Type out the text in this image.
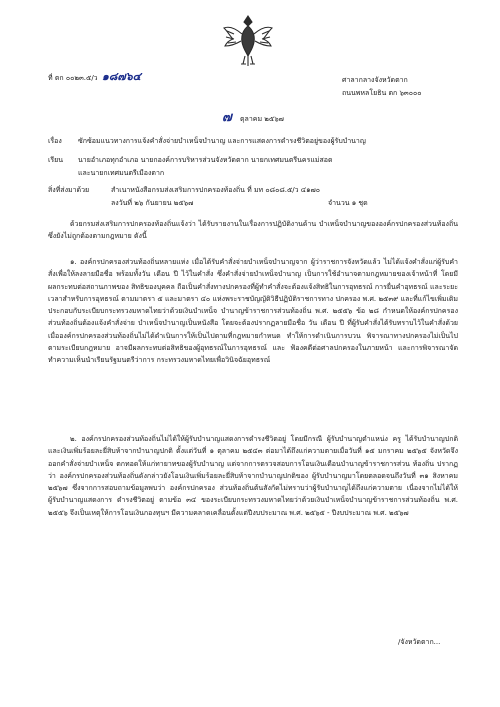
ที่ ตก ๐๐๒๓.๕/ว ๑๘๗๖๔	ศาลากลางจังหวัดตาก
ถนนพหลโยธิน ตก ๖๓๐๐๐
๗ ตุลาคม ๒๕๖๗
เรื่อง ซักซ้อมแนวทางการแจ้งคำสั่งจ่ายบำเหน็จบำนาญ และการแสดงการดำรงชีวิตอยู่ของผู้รับบำนาญ
เรียน นายอำเภอทุกอำเภอ นายกองค์การบริหารส่วนจังหวัดตาก นายกเทศมนตรีนครแม่สอด
และนายกเทศมนตรีเมืองตาก
สิ่งที่ส่งมาด้วย	สำเนาหนังสือกรมส่งเสริมการปกครองท้องถิ่น ที่ มท ๐๘๐๘.๕/ว ๔๑๗๐
ลงวันที่ ๒๖ กันยายน ๒๕๖๗	จำนวน ๑ ชุด

ด้วยกรมส่งเสริมการปกครองท้องถิ่นแจ้งว่า ได้รับรายงานในเรื่องการปฏิบัติงานด้าน บำเหน็จบำนาญขององค์กรปกครองส่วนท้องถิ่น ซึ่งยังไม่ถูกต้องตามกฎหมาย ดังนี้

๑. องค์กรปกครองส่วนท้องถิ่นหลายแห่ง เมื่อได้รับคำสั่งจ่ายบำเหน็จบำนาญจาก ผู้ว่าราชการจังหวัดแล้ว ไม่ได้แจ้งคำสั่งแก่ผู้รับคำสั่งเพื่อให้ลงลายมือชื่อ พร้อมทั้งวัน เดือน ปี ไว้ในคำสั่ง ซึ่งคำสั่งจ่ายบำเหน็จบำนาญ เป็นการใช้อำนาจตามกฎหมายของเจ้าหน้าที่ โดยมีผลกระทบต่อสถานภาพของ สิทธิของบุคคล ถือเป็นคำสั่งทางปกครองที่ผู้ทำคำสั่งจะต้องแจ้งสิทธิในการอุทธรณ์ การยื่นคำอุทธรณ์ และระยะเวลาสำหรับการอุทธรณ์ ตามมาตรา ๕ และมาตรา ๔๐ แห่งพระราชบัญญัติวิธีปฏิบัติราชการทาง ปกครอง พ.ศ. ๒๕๓๙ และที่แก้ไขเพิ่มเติม ประกอบกับระเบียบกระทรวงมหาดไทยว่าด้วยเงินบำเหน็จ บำนาญข้าราชการส่วนท้องถิ่น พ.ศ. ๒๕๕๖ ข้อ ๒๘ กำหนดให้องค์กรปกครองส่วนท้องถิ่นต้องแจ้งคำสั่งจ่าย บำเหน็จบำนาญเป็นหนังสือ โดยจะต้องปรากฏลายมือชื่อ วัน เดือน ปี ที่ผู้รับคำสั่งได้รับทราบไว้ในคำสั่งด้วย เมื่อองค์กรปกครองส่วนท้องถิ่นไม่ได้ดำเนินการให้เป็นไปตามที่กฎหมายกำหนด ทำให้การดำเนินการบวน พิจารณาทางปกครองไม่เป็นไปตามระเบียบกฎหมาย อาจมีผลกระทบต่อสิทธิของผู้อุทธรณ์ในการอุทธรณ์ และ ฟ้องคดีต่อศาลปกครองในภายหน้า และการพิจารณาจัดทำความเห็นนำเรียนรัฐมนตรีว่าการ กระทรวงมหาดไทยเพื่อวินิจฉัยอุทธรณ์

๒. องค์กรปกครองส่วนท้องถิ่นไม่ได้ให้ผู้รับบำนาญแสดงการดำรงชีวิตอยู่ โดยมีกรณี ผู้รับบำนาญตำแหน่ง ครู ได้รับบำนาญปกติ และเงินเพิ่มร้อยละยี่สิบห้าจากบำนาญปกติ ตั้งแต่วันที่ ๑ ตุลาคม ๒๕๔๓ ต่อมาได้ถึงแก่ความตายเมื่อวันที่ ๑๕ มกราคม ๒๕๖๕ จังหวัดจึงออกคำสั่งจ่ายบำเหน็จ ตกทอดให้แก่ทายาทของผู้รับบำนาญ แต่จากการตรวจสอบการโอนเงินเดือนบำนาญข้าราชการส่วน ท้องถิ่น ปรากฏว่า องค์กรปกครองส่วนท้องถิ่นดังกล่าวยังโอนเงินเพิ่มร้อยละยี่สิบห้าจากบำนาญปกติของ ผู้รับบำนาญมาโดยตลอดจนถึงวันที่ ๓๑ สิงหาคม ๒๕๖๗ ซึ่งจากการสอบถามข้อมูลพบว่า องค์กรปกครอง ส่วนท้องถิ่นต้นสังกัดไม่ทราบว่าผู้รับบำนาญได้ถึงแก่ความตาย เนื่องจากไม่ได้ให้ผู้รับบำนาญแสดงการ ดำรงชีวิตอยู่ ตามข้อ ๓๔ ของระเบียบกระทรวงมหาดไทยว่าด้วยเงินบำเหน็จบำนาญข้าราชการส่วนท้องถิ่น พ.ศ. ๒๕๕๖ จึงเป็นเหตุให้การโอนเงินกองทุนฯ มีความคลาดเคลื่อนตั้งแต่ปีงบประมาณ พ.ศ. ๒๕๖๕ - ปีงบประมาณ พ.ศ. ๒๕๖๗

/จังหวัดตาก...
